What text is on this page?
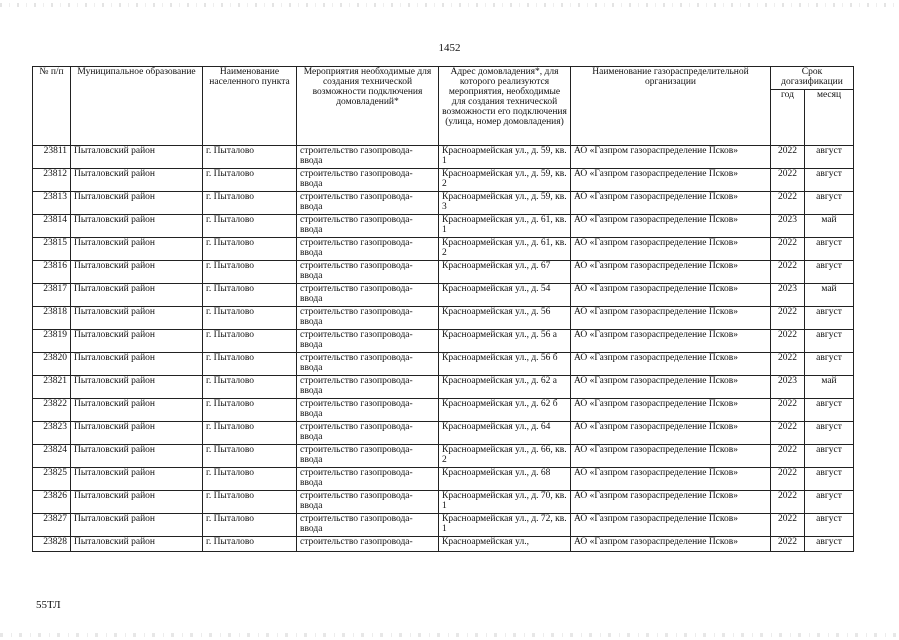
1452
№ п/п	Муниципальное образование	Наименование населенного пункта	Мероприятия необходимые для создания технической возможности подключения домовладений*	Адрес домовладения*, для которого реализуются мероприятия, необходимые для создания технической возможности его подключения (улица, номер домовладения)	Наименование газораспределительной организации	Срок догазификации	
						год	месяц
23811	Пыталовский район	г. Пыталово	строительство газопровода-ввода	Красноармейская ул., д. 59, кв. 1	АО «Газпром газораспределение Псков»	2022	август
23812	Пыталовский район	г. Пыталово	строительство газопровода-ввода	Красноармейская ул., д. 59, кв. 2	АО «Газпром газораспределение Псков»	2022	август
23813	Пыталовский район	г. Пыталово	строительство газопровода-ввода	Красноармейская ул., д. 59, кв. 3	АО «Газпром газораспределение Псков»	2022	август
23814	Пыталовский район	г. Пыталово	строительство газопровода-ввода	Красноармейская ул., д. 61, кв. 1	АО «Газпром газораспределение Псков»	2023	май
23815	Пыталовский район	г. Пыталово	строительство газопровода-ввода	Красноармейская ул., д. 61, кв. 2	АО «Газпром газораспределение Псков»	2022	август
23816	Пыталовский район	г. Пыталово	строительство газопровода-ввода	Красноармейская ул., д. 67	АО «Газпром газораспределение Псков»	2022	август
23817	Пыталовский район	г. Пыталово	строительство газопровода-ввода	Красноармейская ул., д. 54	АО «Газпром газораспределение Псков»	2023	май
23818	Пыталовский район	г. Пыталово	строительство газопровода-ввода	Красноармейская ул., д. 56	АО «Газпром газораспределение Псков»	2022	август
23819	Пыталовский район	г. Пыталово	строительство газопровода-ввода	Красноармейская ул., д. 56 а	АО «Газпром газораспределение Псков»	2022	август
23820	Пыталовский район	г. Пыталово	строительство газопровода-ввода	Красноармейская ул., д. 56 б	АО «Газпром газораспределение Псков»	2022	август
23821	Пыталовский район	г. Пыталово	строительство газопровода-ввода	Красноармейская ул., д. 62 а	АО «Газпром газораспределение Псков»	2023	май
23822	Пыталовский район	г. Пыталово	строительство газопровода-ввода	Красноармейская ул., д. 62 б	АО «Газпром газораспределение Псков»	2022	август
23823	Пыталовский район	г. Пыталово	строительство газопровода-ввода	Красноармейская ул., д. 64	АО «Газпром газораспределение Псков»	2022	август
23824	Пыталовский район	г. Пыталово	строительство газопровода-ввода	Красноармейская ул., д. 66, кв. 2	АО «Газпром газораспределение Псков»	2022	август
23825	Пыталовский район	г. Пыталово	строительство газопровода-ввода	Красноармейская ул., д. 68	АО «Газпром газораспределение Псков»	2022	август
23826	Пыталовский район	г. Пыталово	строительство газопровода-ввода	Красноармейская ул., д. 70, кв. 1	АО «Газпром газораспределение Псков»	2022	август
23827	Пыталовский район	г. Пыталово	строительство газопровода-ввода	Красноармейская ул., д. 72, кв. 1	АО «Газпром газораспределение Псков»	2022	август
23828	Пыталовский район	г. Пыталово	строительство газопровода-	Красноармейская ул.,	АО «Газпром газораспределение Псков»	2022	август
55ТЛ
